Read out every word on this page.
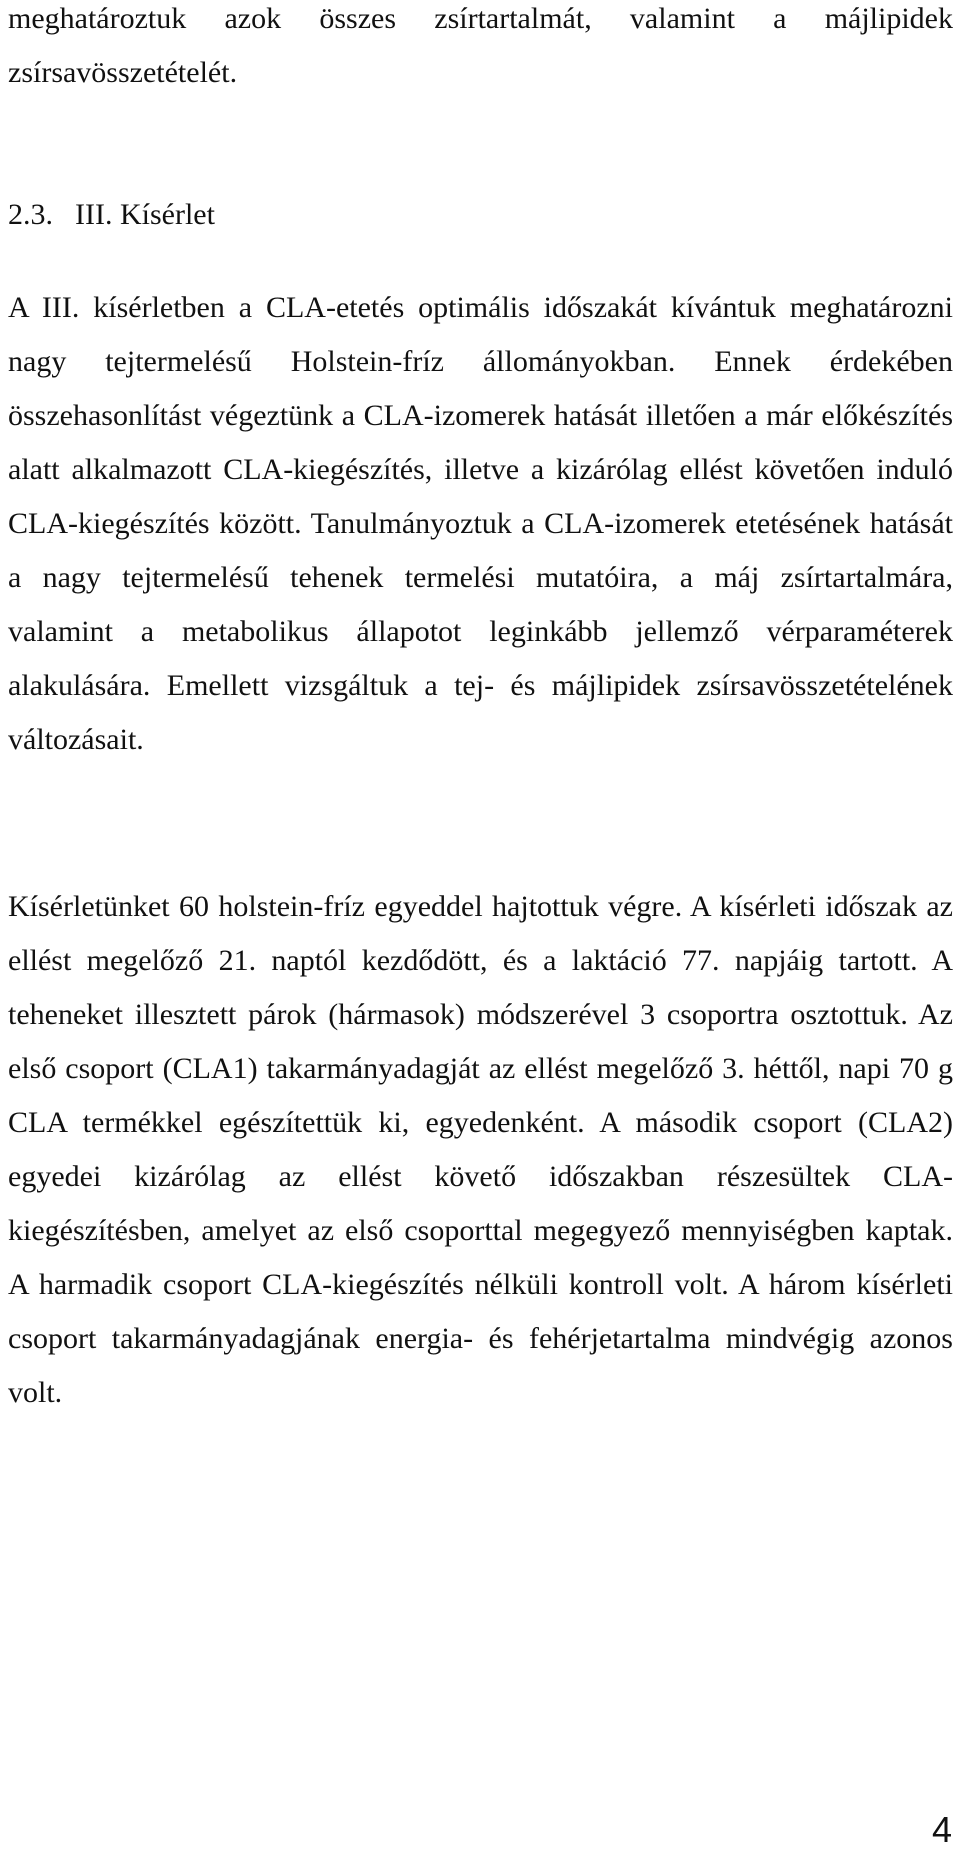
meghatároztuk azok összes zsírtartalmát, valamint a májlipidek zsírsavösszetételét.

2.3. III. Kísérlet

A III. kísérletben a CLA-etetés optimális időszakát kívántuk meghatározni nagy tejtermelésű Holstein-fríz állományokban. Ennek érdekében összehasonlítást végeztünk a CLA-izomerek hatását illetően a már előkészítés alatt alkalmazott CLA-kiegészítés, illetve a kizárólag ellést követően induló CLA-kiegészítés között. Tanulmányoztuk a CLA-izomerek etetésének hatását a nagy tejtermelésű tehenek termelési mutatóira, a máj zsírtartalmára, valamint a metabolikus állapotot leginkább jellemző vérparaméterek alakulására. Emellett vizsgáltuk a tej- és májlipidek zsírsavösszetételének változásait.

Kísérletünket 60 holstein-fríz egyeddel hajtottuk végre. A kísérleti időszak az ellést megelőző 21. naptól kezdődött, és a laktáció 77. napjáig tartott. A teheneket illesztett párok (hármasok) módszerével 3 csoportra osztottuk. Az első csoport (CLA1) takarmányadagját az ellést megelőző 3. héttől, napi 70 g CLA termékkel egészítettük ki, egyedenként. A második csoport (CLA2) egyedei kizárólag az ellést követő időszakban részesültek CLA-kiegészítésben, amelyet az első csoporttal megegyező mennyiségben kaptak. A harmadik csoport CLA-kiegészítés nélküli kontroll volt. A három kísérleti csoport takarmányadagjának energia- és fehérjetartalma mindvégig azonos volt.

4
